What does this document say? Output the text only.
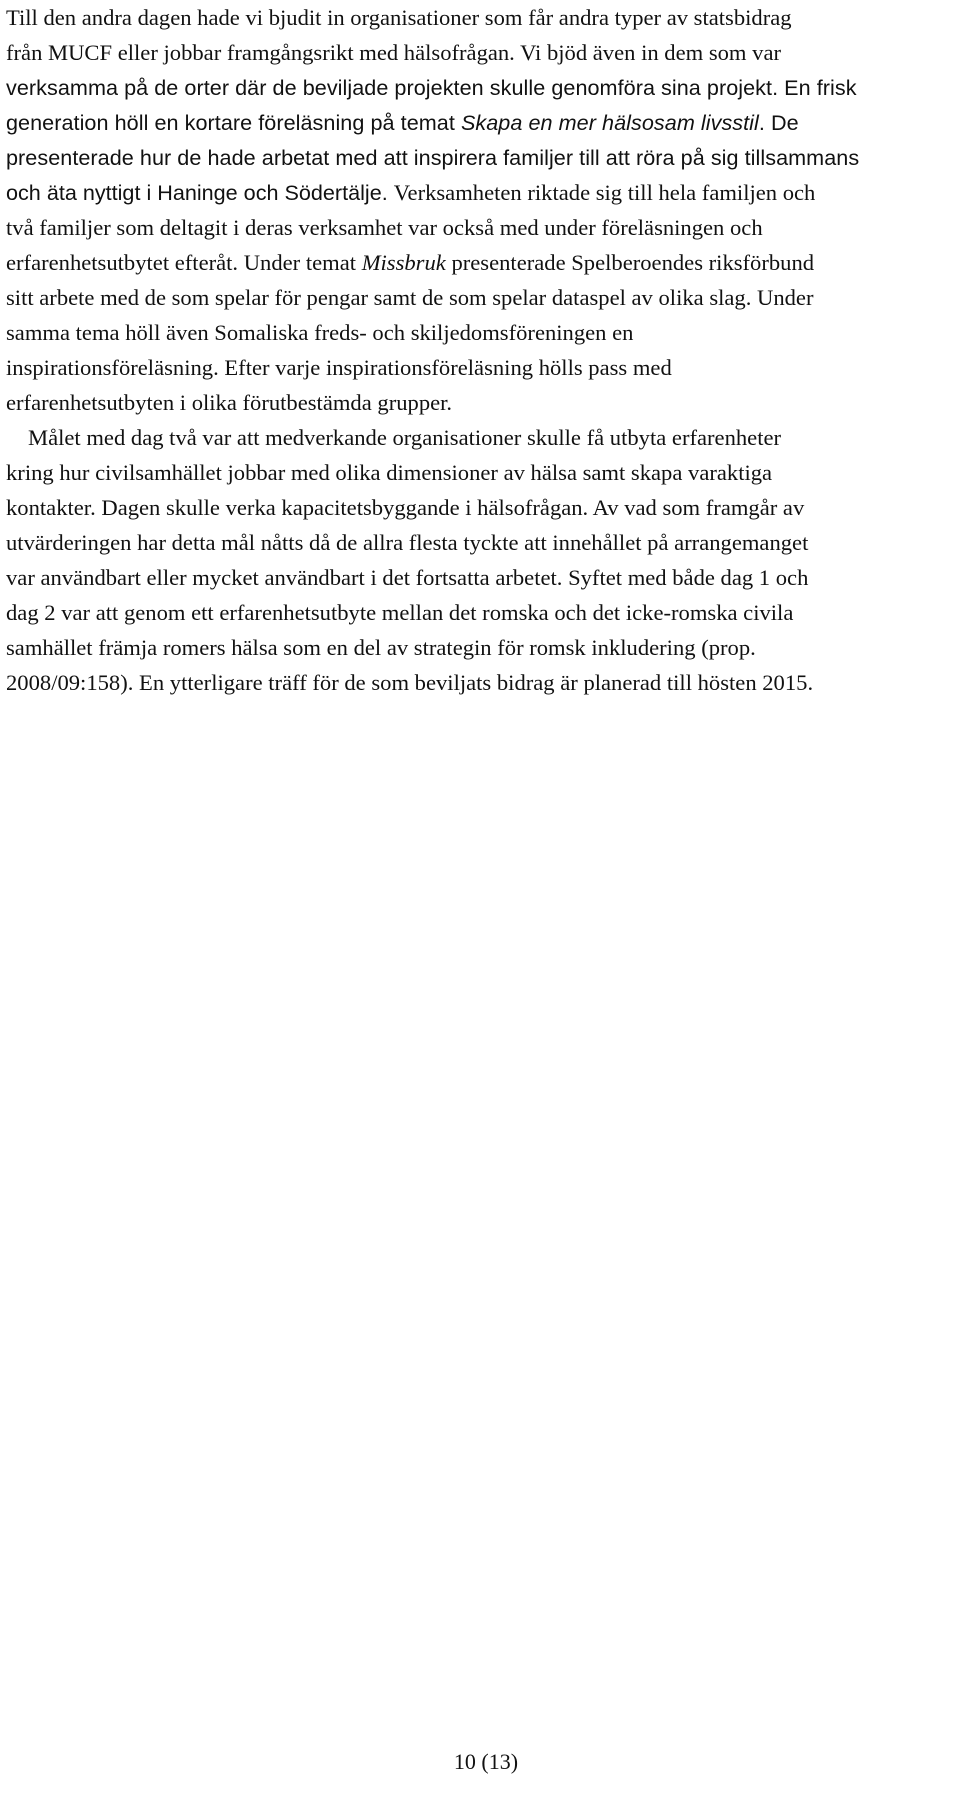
Till den andra dagen hade vi bjudit in organisationer som får andra typer av statsbidrag
från MUCF eller jobbar framgångsrikt med hälsofrågan. Vi bjöd även in dem som var
verksamma på de orter där de beviljade projekten skulle genomföra sina projekt. En frisk
generation höll en kortare föreläsning på temat Skapa en mer hälsosam livsstil. De
presenterade hur de hade arbetat med att inspirera familjer till att röra på sig tillsammans
och äta nyttigt i Haninge och Södertälje. Verksamheten riktade sig till hela familjen och
två familjer som deltagit i deras verksamhet var också med under föreläsningen och
erfarenhetsutbytet efteråt. Under temat Missbruk presenterade Spelberoendes riksförbund
sitt arbete med de som spelar för pengar samt de som spelar dataspel av olika slag. Under
samma tema höll även Somaliska freds- och skiljedomsföreningen en
inspirationsföreläsning. Efter varje inspirationsföreläsning hölls pass med
erfarenhetsutbyten i olika förutbestämda grupper.

Målet med dag två var att medverkande organisationer skulle få utbyta erfarenheter
kring hur civilsamhället jobbar med olika dimensioner av hälsa samt skapa varaktiga
kontakter. Dagen skulle verka kapacitetsbyggande i hälsofrågan. Av vad som framgår av
utvärderingen har detta mål nåtts då de allra flesta tyckte att innehållet på arrangemanget
var användbart eller mycket användbart i det fortsatta arbetet. Syftet med både dag 1 och
dag 2 var att genom ett erfarenhetsutbyte mellan det romska och det icke-romska civila
samhället främja romers hälsa som en del av strategin för romsk inkludering (prop.
2008/09:158). En ytterligare träff för de som beviljats bidrag är planerad till hösten 2015.

10 (13)
